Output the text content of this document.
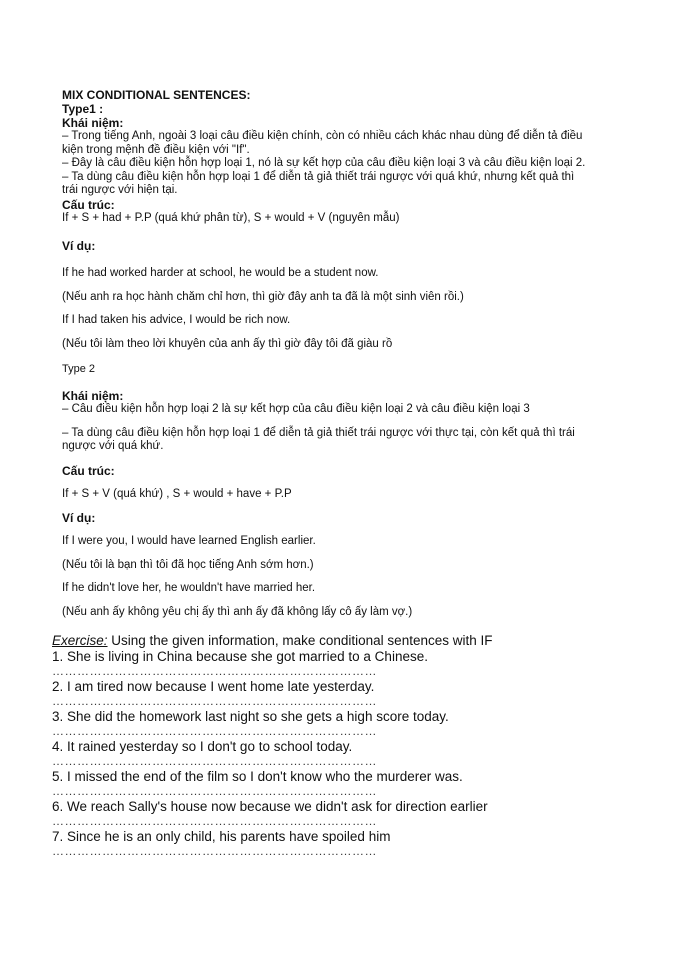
MIX CONDITIONAL SENTENCES:
Type1 :
Khái niệm:
– Trong tiếng Anh, ngoài 3 loại câu điều kiện chính, còn có nhiều cách khác nhau dùng để diễn tả điều
kiện trong mệnh đề điều kiện với "If".
– Đây là câu điều kiện hỗn hợp loại 1, nó là sự kết hợp của câu điều kiện loại 3 và câu điều kiện loại 2.
– Ta dùng câu điều kiện hỗn hợp loại 1 để diễn tả giả thiết trái ngược với quá khứ, nhưng kết quả thì
trái ngược với hiện tại.
Cấu trúc:
If + S + had + P.P (quá khứ phân từ), S + would + V (nguyên mẫu)
Ví dụ:
If he had worked harder at school, he would be a student now.
(Nếu anh ra học hành chăm chỉ hơn, thì giờ đây anh ta đã là một sinh viên rồi.)
If I had taken his advice, I would be rich now.
(Nếu tôi làm theo lời khuyên của anh ấy thì giờ đây tôi đã giàu rồ
Type 2
Khái niệm:
– Câu điều kiện hỗn hợp loại 2 là sự kết hợp của câu điều kiện loại 2 và câu điều kiện loại 3
– Ta dùng câu điều kiện hỗn hợp loại 1 để diễn tả giả thiết trái ngược với thực tại, còn kết quả thì trái
ngược với quá khứ.
Cấu trúc:
If + S + V (quá khứ) , S + would + have + P.P
Ví dụ:
If I were you, I would have learned English earlier.
(Nếu tôi là bạn thì tôi đã học tiếng Anh sớm hơn.)
If he didn't love her, he wouldn't have married her.
(Nếu anh ấy không yêu chị ấy thì anh ấy đã không lấy cô ấy làm vợ.)
Exercise: Using the given information, make conditional sentences with IF
1. She is living in China because she got married to a Chinese.
……………………………………………………………………
2. I am tired now because I went home late yesterday.
……………………………………………………………………
3. She did the homework last night so she gets a high score today.
……………………………………………………………………
4. It rained yesterday so I don't go to school today.
……………………………………………………………………
5. I missed the end of the film so I don't know who the murderer was.
……………………………………………………………………
6. We reach Sally's house now because we didn't ask for direction earlier
……………………………………………………………………
7. Since he is an only child, his parents have spoiled him
……………………………………………………………………
